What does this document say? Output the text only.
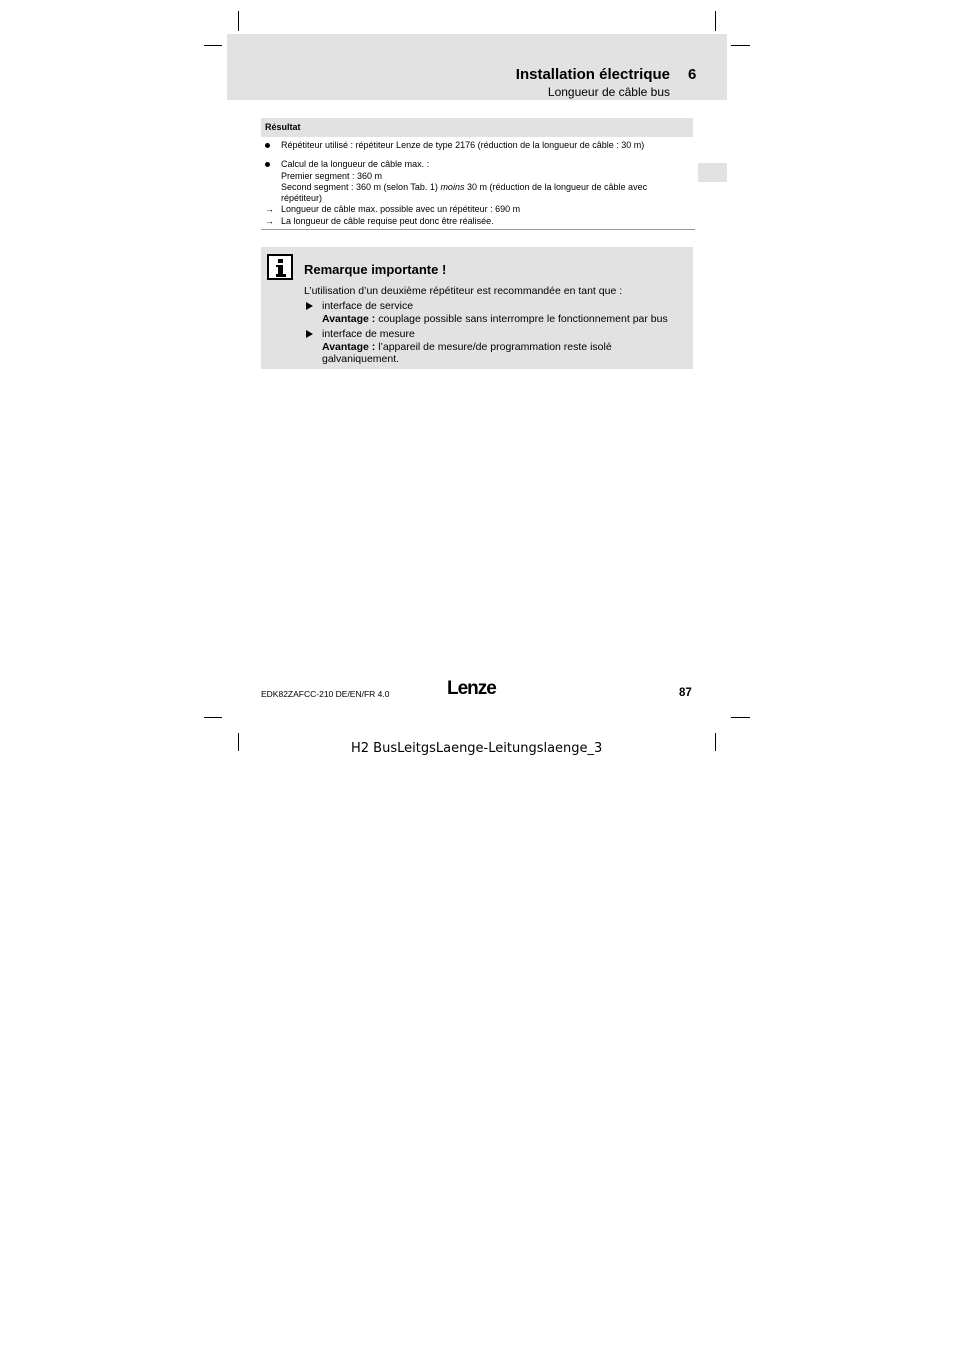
Installation électrique 6
Longueur de câble bus
Résultat
Répétiteur utilisé : répétiteur Lenze de type 2176 (réduction de la longueur de câble : 30 m)
Calcul de la longueur de câble max. :
Premier segment : 360 m
Second segment : 360 m (selon Tab. 1) moins 30 m (réduction de la longueur de câble avec
répétiteur)
→ Longueur de câble max. possible avec un répétiteur : 690 m
→ La longueur de câble requise peut donc être réalisée.
Remarque importante !
L’utilisation d’un deuxième répétiteur est recommandée en tant que :
interface de service
Avantage : couplage possible sans interrompre le fonctionnement par bus
interface de mesure
Avantage : l’appareil de mesure/de programmation reste isolé
galvaniquement.
EDK82ZAFCC-210 DE/EN/FR 4.0	Lenze	87
H2 BusLeitgsLaenge-Leitungslaenge_3
